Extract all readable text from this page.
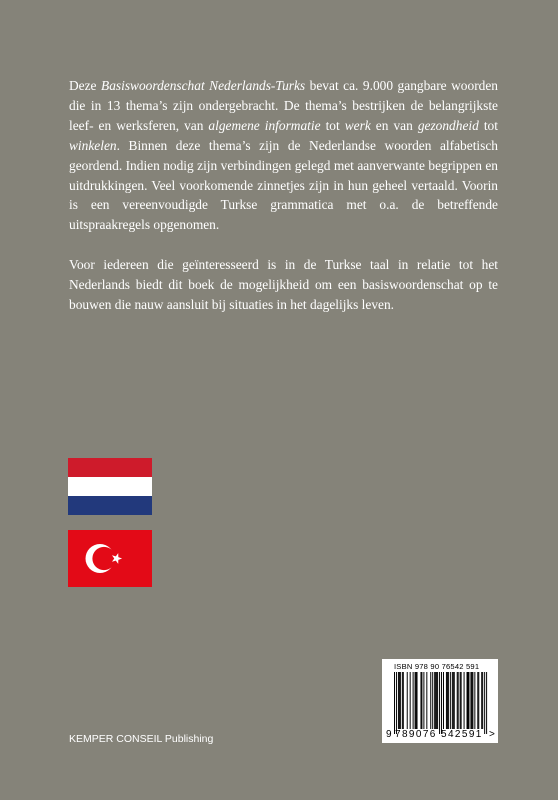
Deze Basiswoordenschat Nederlands-Turks bevat ca. 9.000 gangbare woorden die in 13 thema’s zijn ondergebracht. De thema’s bestrijken de belangrijkste leef- en werksferen, van algemene informatie tot werk en van gezondheid tot winkelen. Binnen deze thema’s zijn de Nederlandse woorden alfabetisch geordend. Indien nodig zijn verbindingen gelegd met aanverwante begrippen en uitdrukkingen. Veel voorkomende zinnetjes zijn in hun geheel vertaald. Voorin is een vereenvoudigde Turkse grammatica met o.a. de betreffende uitspraakregels opgenomen.

Voor iedereen die geïnteresseerd is in de Turkse taal in relatie tot het Nederlands biedt dit boek de mogelijkheid om een basiswoordenschat op te bouwen die nauw aansluit bij situaties in het dagelijks leven.

ISBN 978 90 76542 591
9 789076 542591 >
KEMPER CONSEIL Publishing
